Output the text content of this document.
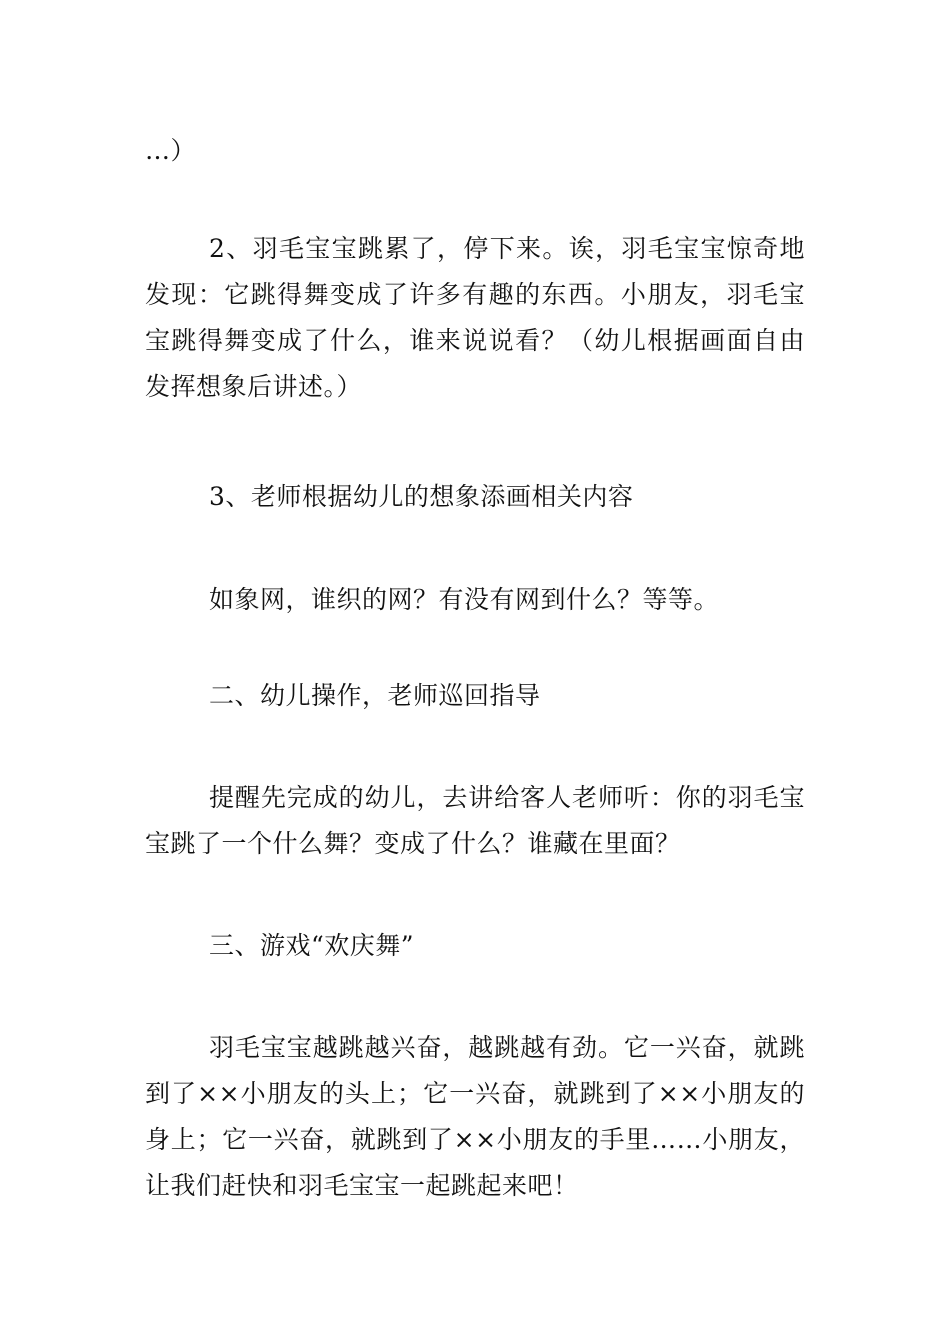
…）

2、羽毛宝宝跳累了，停下来。诶，羽毛宝宝惊奇地发现：它跳得舞变成了许多有趣的东西。小朋友，羽毛宝宝跳得舞变成了什么，谁来说说看？（幼儿根据画面自由发挥想象后讲述。）

3、老师根据幼儿的想象添画相关内容

如象网，谁织的网？有没有网到什么？等等。

二、幼儿操作，老师巡回指导

提醒先完成的幼儿，去讲给客人老师听：你的羽毛宝宝跳了一个什么舞？变成了什么？谁藏在里面？

三、游戏“欢庆舞”

羽毛宝宝越跳越兴奋，越跳越有劲。它一兴奋，就跳到了××小朋友的头上；它一兴奋，就跳到了××小朋友的身上；它一兴奋，就跳到了××小朋友的手里……小朋友，让我们赶快和羽毛宝宝一起跳起来吧！
